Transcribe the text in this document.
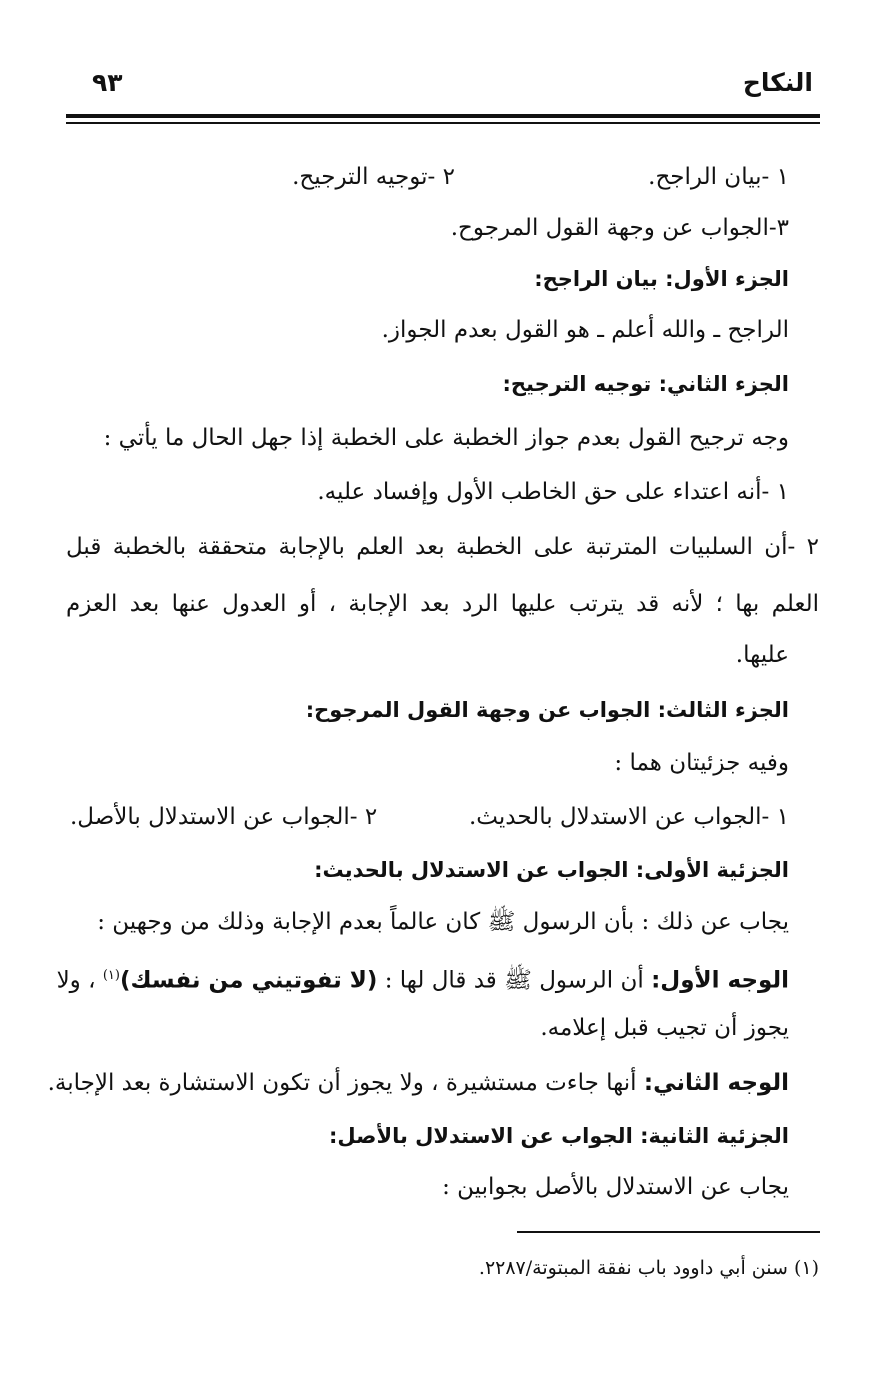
النكاح
٩٣
١ -بيان الراجح.
٢ -توجيه الترجيح.
٣-الجواب عن وجهة القول المرجوح.
الجزء الأول: بيان الراجح:
الراجح ـ والله أعلم ـ هو القول بعدم الجواز.
الجزء الثاني: توجيه الترجيح:
وجه ترجيح القول بعدم جواز الخطبة على الخطبة إذا جهل الحال ما يأتي :
١ -أنه اعتداء على حق الخاطب الأول وإفساد عليه.
٢ -أن السلبيات المترتبة على الخطبة بعد العلم بالإجابة متحققة بالخطبة قبل
العلم بها ؛ لأنه قد يترتب عليها الرد بعد الإجابة ، أو العدول عنها بعد العزم
عليها.
الجزء الثالث: الجواب عن وجهة القول المرجوح:
وفيه جزئيتان هما :
١ -الجواب عن الاستدلال بالحديث.
٢ -الجواب عن الاستدلال بالأصل.
الجزئية الأولى: الجواب عن الاستدلال بالحديث:
يجاب عن ذلك : بأن الرسول ﷺ كان عالماً بعدم الإجابة وذلك من وجهين :
الوجه الأول: أن الرسول ﷺ قد قال لها : (لا تفوتيني من نفسك)$^{(١)}$ ، ولا
يجوز أن تجيب قبل إعلامه.
الوجه الثاني: أنها جاءت مستشيرة ، ولا يجوز أن تكون الاستشارة بعد الإجابة.
الجزئية الثانية: الجواب عن الاستدلال بالأصل:
يجاب عن الاستدلال بالأصل بجوابين :
(١) سنن أبي داوود باب نفقة المبتوتة/٢٢٨٧.
